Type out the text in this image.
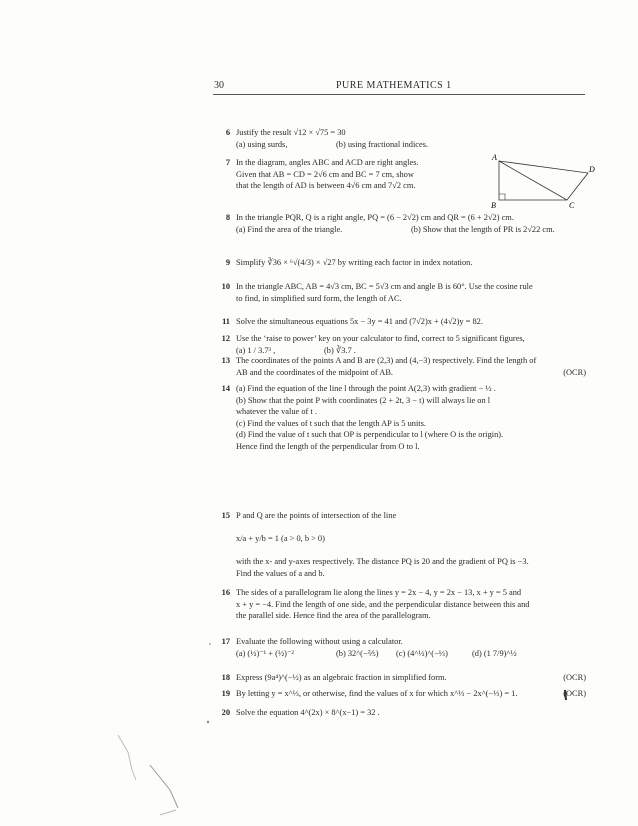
30	PURE MATHEMATICS 1
A
D
B	C
6 Justify the result √12 × √75 = 30
(a) using surds,	(b) using fractional indices.
7 In the diagram, angles ABC and ACD are right angles.
Given that AB = CD = 2√6 cm and BC = 7 cm, show
that the length of AD is between 4√6 cm and 7√2 cm.
8 In the triangle PQR, Q is a right angle, PQ = (6 − 2√2) cm and QR = (6 + 2√2) cm.
(a) Find the area of the triangle.	(b) Show that the length of PR is 2√22 cm.
9 Simplify ∛36 × ⁶√(4/3) × √27 by writing each factor in index notation.
10 In the triangle ABC, AB = 4√3 cm, BC = 5√3 cm and angle B is 60°. Use the cosine rule
to find, in simplified surd form, the length of AC.
11 Solve the simultaneous equations 5x − 3y = 41 and (7√2)x + (4√2)y = 82.
12 Use the ‘raise to power’ key on your calculator to find, correct to 5 significant figures,
(a) 1 / 3.7³ ,	(b) ∛3.7 .
13 The coordinates of the points A and B are (2,3) and (4,−3) respectively. Find the length of
AB and the coordinates of the midpoint of AB.	(OCR)
14 (a) Find the equation of the line l through the point A(2,3) with gradient − ½ .
(b) Show that the point P with coordinates (2 + 2t, 3 − t) will always lie on l
whatever the value of t .
(c) Find the values of t such that the length AP is 5 units.
(d) Find the value of t such that OP is perpendicular to l (where O is the origin).
Hence find the length of the perpendicular from O to l.
15 P and Q are the points of intersection of the line
x/a + y/b = 1 (a > 0, b > 0)
with the x- and y-axes respectively. The distance PQ is 20 and the gradient of PQ is −3.
Find the values of a and b.
16 The sides of a parallelogram lie along the lines y = 2x − 4, y = 2x − 13, x + y = 5 and
x + y = −4. Find the length of one side, and the perpendicular distance between this and
the parallel side. Hence find the area of the parallelogram.
17 Evaluate the following without using a calculator.
(a) (½)⁻¹ + (½)⁻²	(b) 32^(−⅖) (c) (4^½)^(−⅓)	(d) (1 7/9)^½
18 Express (9a⁴)^(−½) as an algebraic fraction in simplified form.	(OCR)
19 By letting y = x^⅓, or otherwise, find the values of x for which x^⅓ − 2x^(−⅓) = 1.	(OCR)
20 Solve the equation 4^(2x) × 8^(x−1) = 32 .
